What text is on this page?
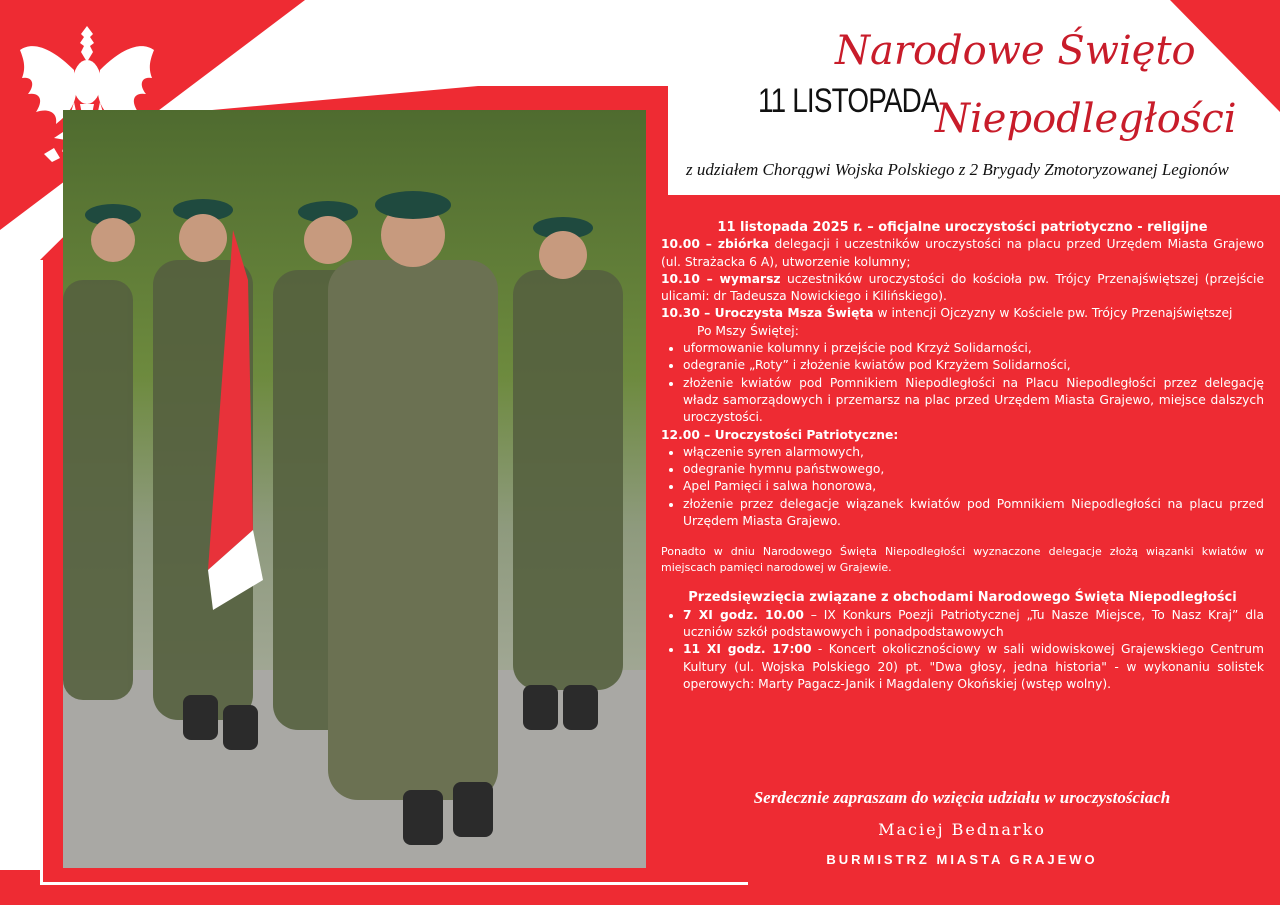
Narodowe Święto
11 LISTOPADA
Niepodległości
z udziałem Chorągwi Wojska Polskiego z 2 Brygady Zmotoryzowanej Legionów

11 listopada 2025 r. – oficjalne uroczystości patriotyczno - religijne

10.00 – zbiórka delegacji i uczestników uroczystości na placu przed Urzędem Miasta Grajewo (ul. Strażacka 6 A), utworzenie kolumny;

10.10 – wymarsz uczestników uroczystości do kościoła pw. Trójcy Przenajświętszej (przejście ulicami: dr Tadeusza Nowickiego i Kilińskiego).

10.30 – Uroczysta Msza Święta w intencji Ojczyzny w Kościele pw. Trójcy Przenajświętszej

Po Mszy Świętej:

• uformowanie kolumny i przejście pod Krzyż Solidarności,
• odegranie „Roty” i złożenie kwiatów pod Krzyżem Solidarności,
• złożenie kwiatów pod Pomnikiem Niepodległości na Placu Niepodległości przez delegację władz samorządowych i przemarsz na plac przed Urzędem Miasta Grajewo, miejsce dalszych uroczystości.

12.00 – Uroczystości Patriotyczne:

• włączenie syren alarmowych,
• odegranie hymnu państwowego,
• Apel Pamięci i salwa honorowa,
• złożenie przez delegacje wiązanek kwiatów pod Pomnikiem Niepodległości na placu przed Urzędem Miasta Grajewo.

Ponadto w dniu Narodowego Święta Niepodległości wyznaczone delegacje złożą wiązanki kwiatów w miejscach pamięci narodowej w Grajewie.

Przedsięwzięcia związane z obchodami Narodowego Święta Niepodległości

• 7 XI godz. 10.00 – IX Konkurs Poezji Patriotycznej „Tu Nasze Miejsce, To Nasz Kraj” dla uczniów szkół podstawowych i ponadpodstawowych
• 11 XI godz. 17:00 - Koncert okolicznościowy w sali widowiskowej Grajewskiego Centrum Kultury (ul. Wojska Polskiego 20) pt. "Dwa głosy, jedna historia" - w wykonaniu solistek operowych: Marty Pagacz-Janik i Magdaleny Okońskiej (wstęp wolny).
Serdecznie zapraszam do wzięcia udziału w uroczystościach
Maciej Bednarko
BURMISTRZ MIASTA GRAJEWO
